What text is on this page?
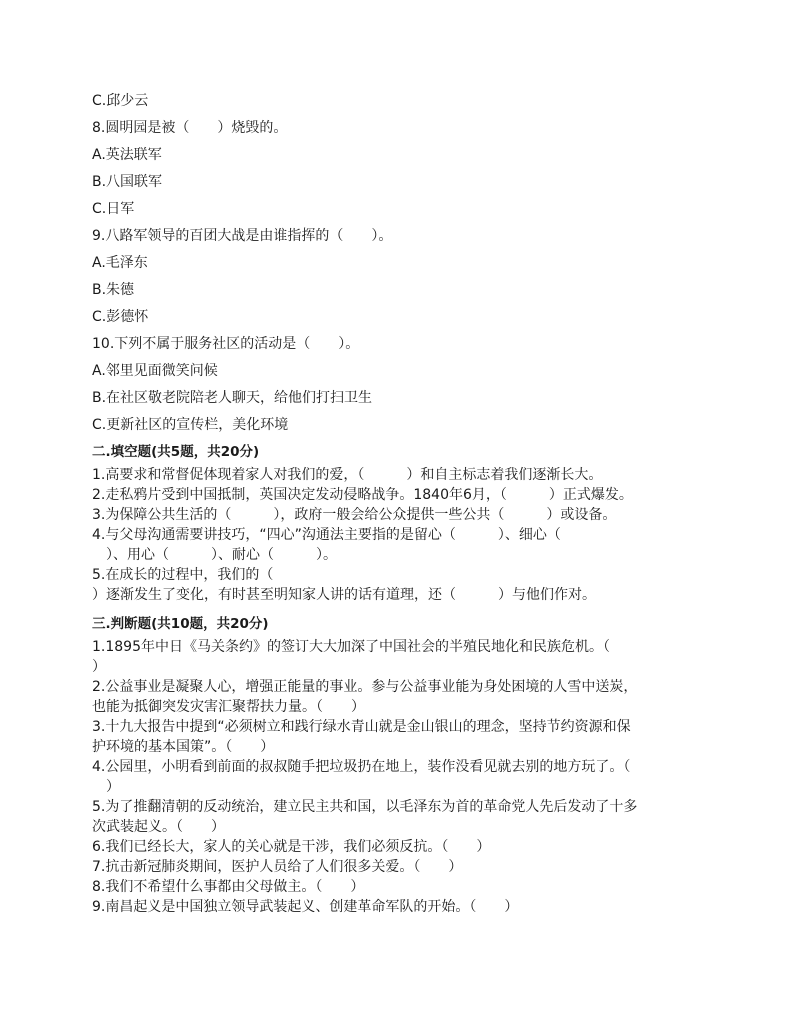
C.邱少云
8.圆明园是被（　　）烧毁的。
A.英法联军
B.八国联军
C.日军
9.八路军领导的百团大战是由谁指挥的（　　）。
A.毛泽东
B.朱德
C.彭德怀
10.下列不属于服务社区的活动是（　　）。
A.邻里见面微笑问候
B.在社区敬老院陪老人聊天，给他们打扫卫生
C.更新社区的宣传栏，美化环境
二.填空题(共5题，共20分)
1.高要求和常督促体现着家人对我们的爱，（　　　）和自主标志着我们逐渐长大。
2.走私鸦片受到中国抵制，英国决定发动侵略战争。1840年6月，（　　　）正式爆发。
3.为保障公共生活的（　　　），政府一般会给公众提供一些公共（　　　）或设备。
4.与父母沟通需要讲技巧，“四心”沟通法主要指的是留心（　　　）、细心（
　）、用心（　　　）、耐心（　　　）。
5.在成长的过程中，我们的（
）逐渐发生了变化，有时甚至明知家人讲的话有道理，还（　　　）与他们作对。
三.判断题(共10题，共20分)
1.1895年中日《马关条约》的签订大大加深了中国社会的半殖民地化和民族危机。（
）
2.公益事业是凝聚人心，增强正能量的事业。参与公益事业能为身处困境的人雪中送炭，
也能为抵御突发灾害汇聚帮扶力量。（　　）
3.十九大报告中提到“必须树立和践行绿水青山就是金山银山的理念，坚持节约资源和保
护环境的基本国策”。（　　）
4.公园里，小明看到前面的叔叔随手把垃圾扔在地上，装作没看见就去别的地方玩了。（
　）
5.为了推翻清朝的反动统治，建立民主共和国，以毛泽东为首的革命党人先后发动了十多
次武装起义。（　　）
6.我们已经长大，家人的关心就是干涉，我们必须反抗。（　　）
7.抗击新冠肺炎期间，医护人员给了人们很多关爱。（　　）
8.我们不希望什么事都由父母做主。（　　）
9.南昌起义是中国独立领导武装起义、创建革命军队的开始。（　　）
